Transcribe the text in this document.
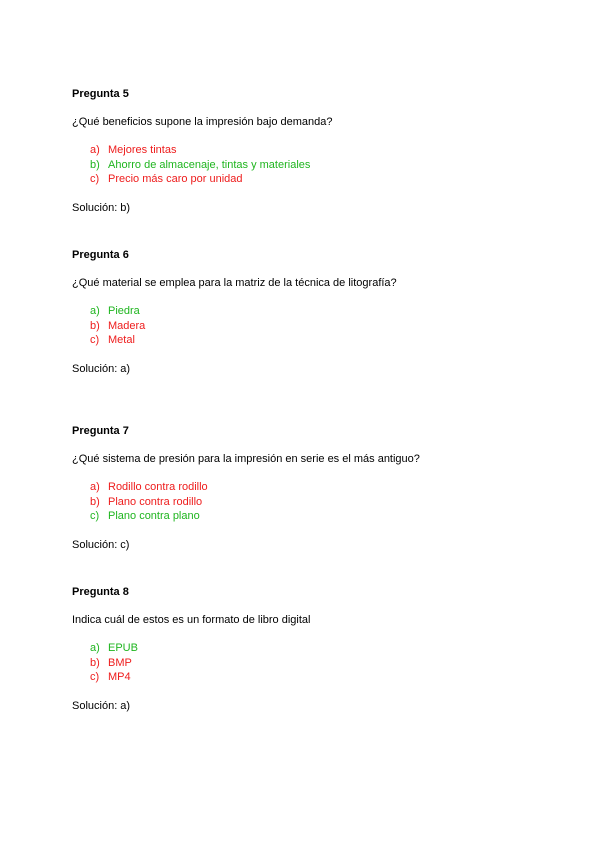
Pregunta 5
¿Qué beneficios supone la impresión bajo demanda?
a) Mejores tintas
b) Ahorro de almacenaje, tintas y materiales
c) Precio más caro por unidad
Solución: b)
Pregunta 6
¿Qué material se emplea para la matriz de la técnica de litografía?
a) Piedra
b) Madera
c) Metal
Solución: a)
Pregunta 7
¿Qué sistema de presión para la impresión en serie es el más antiguo?
a) Rodillo contra rodillo
b) Plano contra rodillo
c) Plano contra plano
Solución: c)
Pregunta 8
Indica cuál de estos es un formato de libro digital
a) EPUB
b) BMP
c) MP4
Solución: a)
